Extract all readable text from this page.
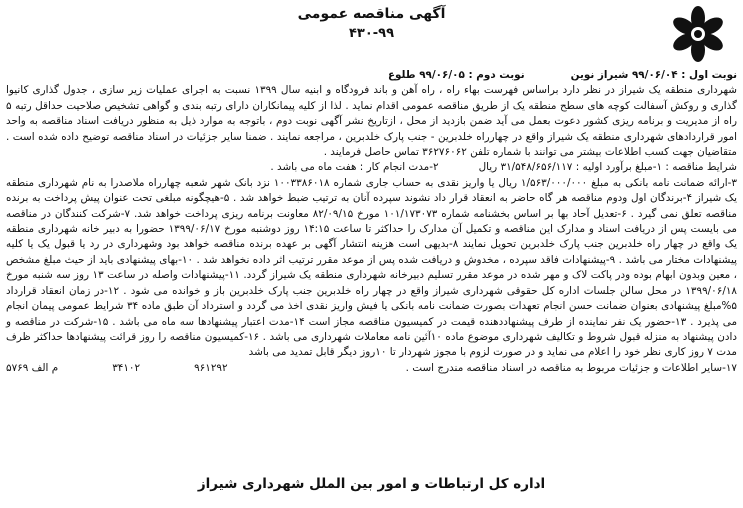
آگهی مناقصه عمومی
۴۳۰-۹۹
نوبت اول : ۹۹/۰۶/۰۴ شیراز نوین
نوبت دوم : ۹۹/۰۶/۰۵ طلوع

شهرداری منطقه یک شیراز در نظر دارد براساس فهرست بهاء راه ، راه آهن و باند فرودگاه و ابنیه سال ۱۳۹۹ نسبت به اجرای عملیات زیر سازی ، جدول گذاری کانیوا گذاری و روکش آسفالت کوچه های سطح منطقه یک از طریق مناقصه عمومی اقدام نماید . لذا از کلیه پیمانکاران دارای رتبه بندی و گواهی تشخیص صلاحیت حداقل رتبه ۵ راه از مدیریت و برنامه ریزی کشور دعوت بعمل می آید ضمن بازدید از محل ، ازتاریخ نشر آگهی نوبت دوم ، باتوجه به موارد ذیل به منظور دریافت اسناد مناقصه به واحد امور قراردادهای شهرداری منطقه یک شیراز واقع در چهارراه خلدبرین - جنب پارک خلدبرین ، مراجعه نمایند . ضمنا سایر جزئیات در اسناد مناقصه توضیح داده شده است . متقاضیان جهت کسب اطلاعات بیشتر می توانند با شماره تلفن ۳۶۲۷۶۰۶۲ تماس حاصل فرمایند .

شرایط مناقصه : ۱-مبلغ برآورد اولیه : ۳۱/۵۴۸/۶۵۶/۱۱۷ ریال
۲-مدت انجام کار : هفت ماه می باشد .

۳-ارائه ضمانت نامه بانکی به مبلغ ۱/۵۶۳/۰۰۰/۰۰۰ ریال یا واریز نقدی به حساب جاری شماره ۱۰۰۳۳۸۶۰۱۸ نزد بانک شهر شعبه چهارراه ملاصدرا به نام شهرداری منطقه یک شیراز ۴-برندگان اول ودوم مناقصه هر گاه حاضر به انعقاد قرار داد نشوند سپرده آنان به ترتیب ضبط خواهد شد . ۵-هیچگونه مبلغی تحت عنوان پیش پرداخت به برنده مناقصه تعلق نمی گیرد . ۶-تعدیل آحاد بها بر اساس بخشنامه شماره ۱۰۱/۱۷۳۰۷۳ مورخ ۸۲/۰۹/۱۵ معاونت برنامه ریزی پرداخت خواهد شد. ۷-شرکت کنندگان در مناقصه می بایست پس از دریافت اسناد و مدارک این مناقصه و تکمیل آن مدارک را حداکثر تا ساعت ۱۴:۱۵ روز دوشنبه مورخ ۱۳۹۹/۰۶/۱۷ حضورا به دبیر خانه شهرداری منطقه یک واقع در چهار راه خلدبرین جنب پارک خلدبرین تحویل نمایند ۸-بدیهی است هزینه انتشار آگهی بر عهده برنده مناقصه خواهد بود وشهرداری در رد یا قبول یک یا کلیه پیشنهادات مختار می باشد . ۹-پیشنهادات فاقد سپرده ، مخدوش و دریافت شده پس از موعد مقرر ترتیب اثر داده نخواهد شد . ۱۰-بهای پیشنهادی باید از حیث مبلغ مشخص ، معین وبدون ابهام بوده ودر پاکت لاک و مهر شده در موعد مقرر تسلیم دبیرخانه شهرداری منطقه یک شیراز گردد. ۱۱-پیشنهادات واصله در ساعت ۱۳ روز سه شنبه مورخ ۱۳۹۹/۰۶/۱۸ در محل سالن جلسات اداره کل حقوقی شهرداری شیراز واقع در چهار راه خلدبرین جنب پارک خلدبرین باز و خوانده می شود . ۱۲-در زمان انعقاد قرارداد ۵%مبلغ پیشنهادی بعنوان ضمانت حسن انجام تعهدات بصورت ضمانت نامه بانکی یا فیش واریز نقدی اخذ می گردد و استرداد آن طبق ماده ۳۴ شرایط عمومی پیمان انجام می پذیرد . ۱۳-حضور یک نفر نماینده از طرف پیشنهاددهنده قیمت در کمیسیون مناقصه مجاز است ۱۴-مدت اعتبار پیشنهادها سه ماه می باشد . ۱۵-شرکت در مناقصه و دادن پیشنهاد به منزله قبول شروط و تکالیف شهرداری موضوع ماده ۱۰آئین نامه معاملات شهرداری می باشد . ۱۶-کمیسیون مناقصه را روز قرائت پیشنهادها حداکثر ظرف مدت ۷ روز کاری نظر خود را اعلام می نماید و در صورت لزوم با مجوز شهردار تا ۱۰روز دیگر قابل تمدید می باشد

۱۷-سایر اطلاعات و جزئیات مربوط به مناقصه در اسناد مناقصه مندرج است .
م الف ۵۷۶۹	۳۴۱۰۲	۹۶۱۲۹۲
اداره کل ارتباطات و امور بین الملل شهرداری شیراز
